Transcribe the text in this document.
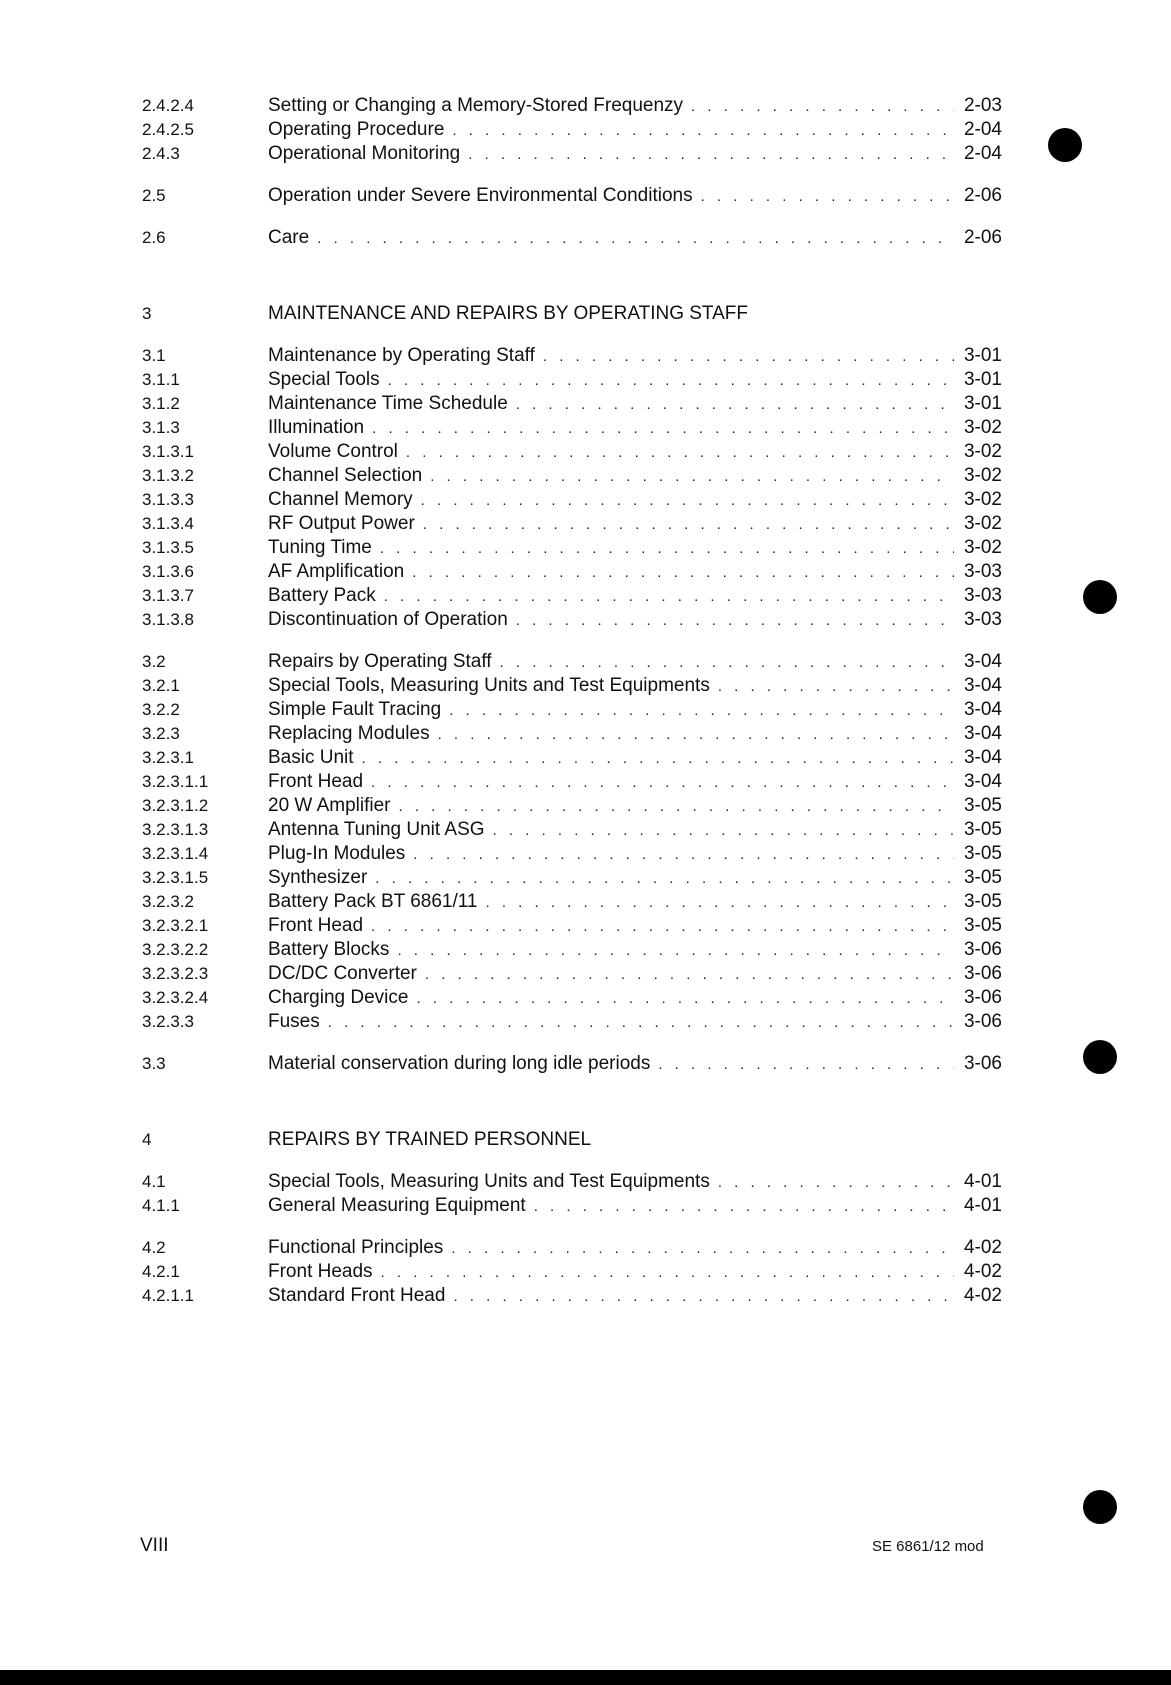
2.4.2.4	Setting or Changing a Memory-Stored Frequenzy . . .	2-03
2.4.2.5	Operating Procedure . . .	2-04
2.4.3	Operational Monitoring . . .	2-04
2.5	Operation under Severe Environmental Conditions . . .	2-06
2.6	Care . . .	2-06
3	MAINTENANCE AND REPAIRS BY OPERATING STAFF
3.1	Maintenance by Operating Staff . . .	3-01
3.1.1	Special Tools . . .	3-01
3.1.2	Maintenance Time Schedule . . .	3-01
3.1.3	Illumination . . .	3-02
3.1.3.1	Volume Control . . .	3-02
3.1.3.2	Channel Selection . . .	3-02
3.1.3.3	Channel Memory . . .	3-02
3.1.3.4	RF Output Power . . .	3-02
3.1.3.5	Tuning Time . . .	3-02
3.1.3.6	AF Amplification . . .	3-03
3.1.3.7	Battery Pack . . .	3-03
3.1.3.8	Discontinuation of Operation . . .	3-03
3.2	Repairs by Operating Staff . . .	3-04
3.2.1	Special Tools, Measuring Units and Test Equipments . . .	3-04
3.2.2	Simple Fault Tracing . . .	3-04
3.2.3	Replacing Modules . . .	3-04
3.2.3.1	Basic Unit . . .	3-04
3.2.3.1.1	Front Head . . .	3-04
3.2.3.1.2	20 W Amplifier . . .	3-05
3.2.3.1.3	Antenna Tuning Unit ASG . . .	3-05
3.2.3.1.4	Plug-In Modules . . .	3-05
3.2.3.1.5	Synthesizer . . .	3-05
3.2.3.2	Battery Pack BT 6861/11 . . .	3-05
3.2.3.2.1	Front Head . . .	3-05
3.2.3.2.2	Battery Blocks . . .	3-06
3.2.3.2.3	DC/DC Converter . . .	3-06
3.2.3.2.4	Charging Device . . .	3-06
3.2.3.3	Fuses . . .	3-06
3.3	Material conservation during long idle periods . . .	3-06
4	REPAIRS BY TRAINED PERSONNEL
4.1	Special Tools, Measuring Units and Test Equipments . . .	4-01
4.1.1	General Measuring Equipment . . .	4-01
4.2	Functional Principles . . .	4-02
4.2.1	Front Heads . . .	4-02
4.2.1.1	Standard Front Head . . .	4-02
VIII	SE 6861/12 mod
